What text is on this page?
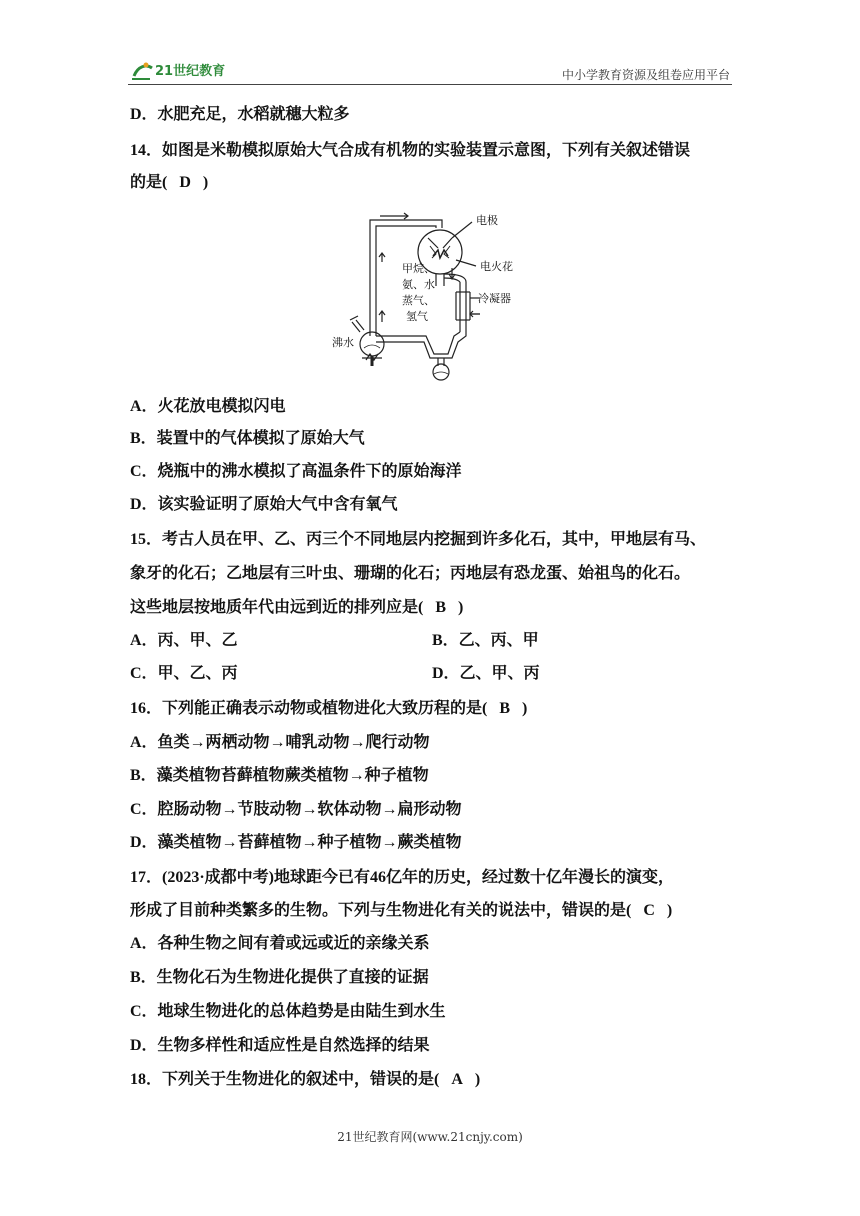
21世纪教育	中小学教育资源及组卷应用平台
D．水肥充足，水稻就穗大粒多
14．如图是米勒模拟原始大气合成有机物的实验装置示意图，下列有关叙述错误
的是( D )
电极
电火花
甲烷、
氨、水
蒸气、
氢气
冷凝器
沸水
A．火花放电模拟闪电
B．装置中的气体模拟了原始大气
C．烧瓶中的沸水模拟了高温条件下的原始海洋
D．该实验证明了原始大气中含有氧气
15．考古人员在甲、乙、丙三个不同地层内挖掘到许多化石，其中，甲地层有马、
象牙的化石；乙地层有三叶虫、珊瑚的化石；丙地层有恐龙蛋、始祖鸟的化石。
这些地层按地质年代由远到近的排列应是( B )
A．丙、甲、乙	B．乙、丙、甲
C．甲、乙、丙	D．乙、甲、丙
16．下列能正确表示动物或植物进化大致历程的是( B )
A．鱼类→两栖动物→哺乳动物→爬行动物
B．藻类植物苔藓植物蕨类植物→种子植物
C．腔肠动物→节肢动物→软体动物→扁形动物
D．藻类植物→苔藓植物→种子植物→蕨类植物
17．(2023·成都中考)地球距今已有46亿年的历史，经过数十亿年漫长的演变，
形成了目前种类繁多的生物。下列与生物进化有关的说法中，错误的是( C )
A．各种生物之间有着或远或近的亲缘关系
B．生物化石为生物进化提供了直接的证据
C．地球生物进化的总体趋势是由陆生到水生
D．生物多样性和适应性是自然选择的结果
18．下列关于生物进化的叙述中，错误的是( A )
21世纪教育网(www.21cnjy.com)
